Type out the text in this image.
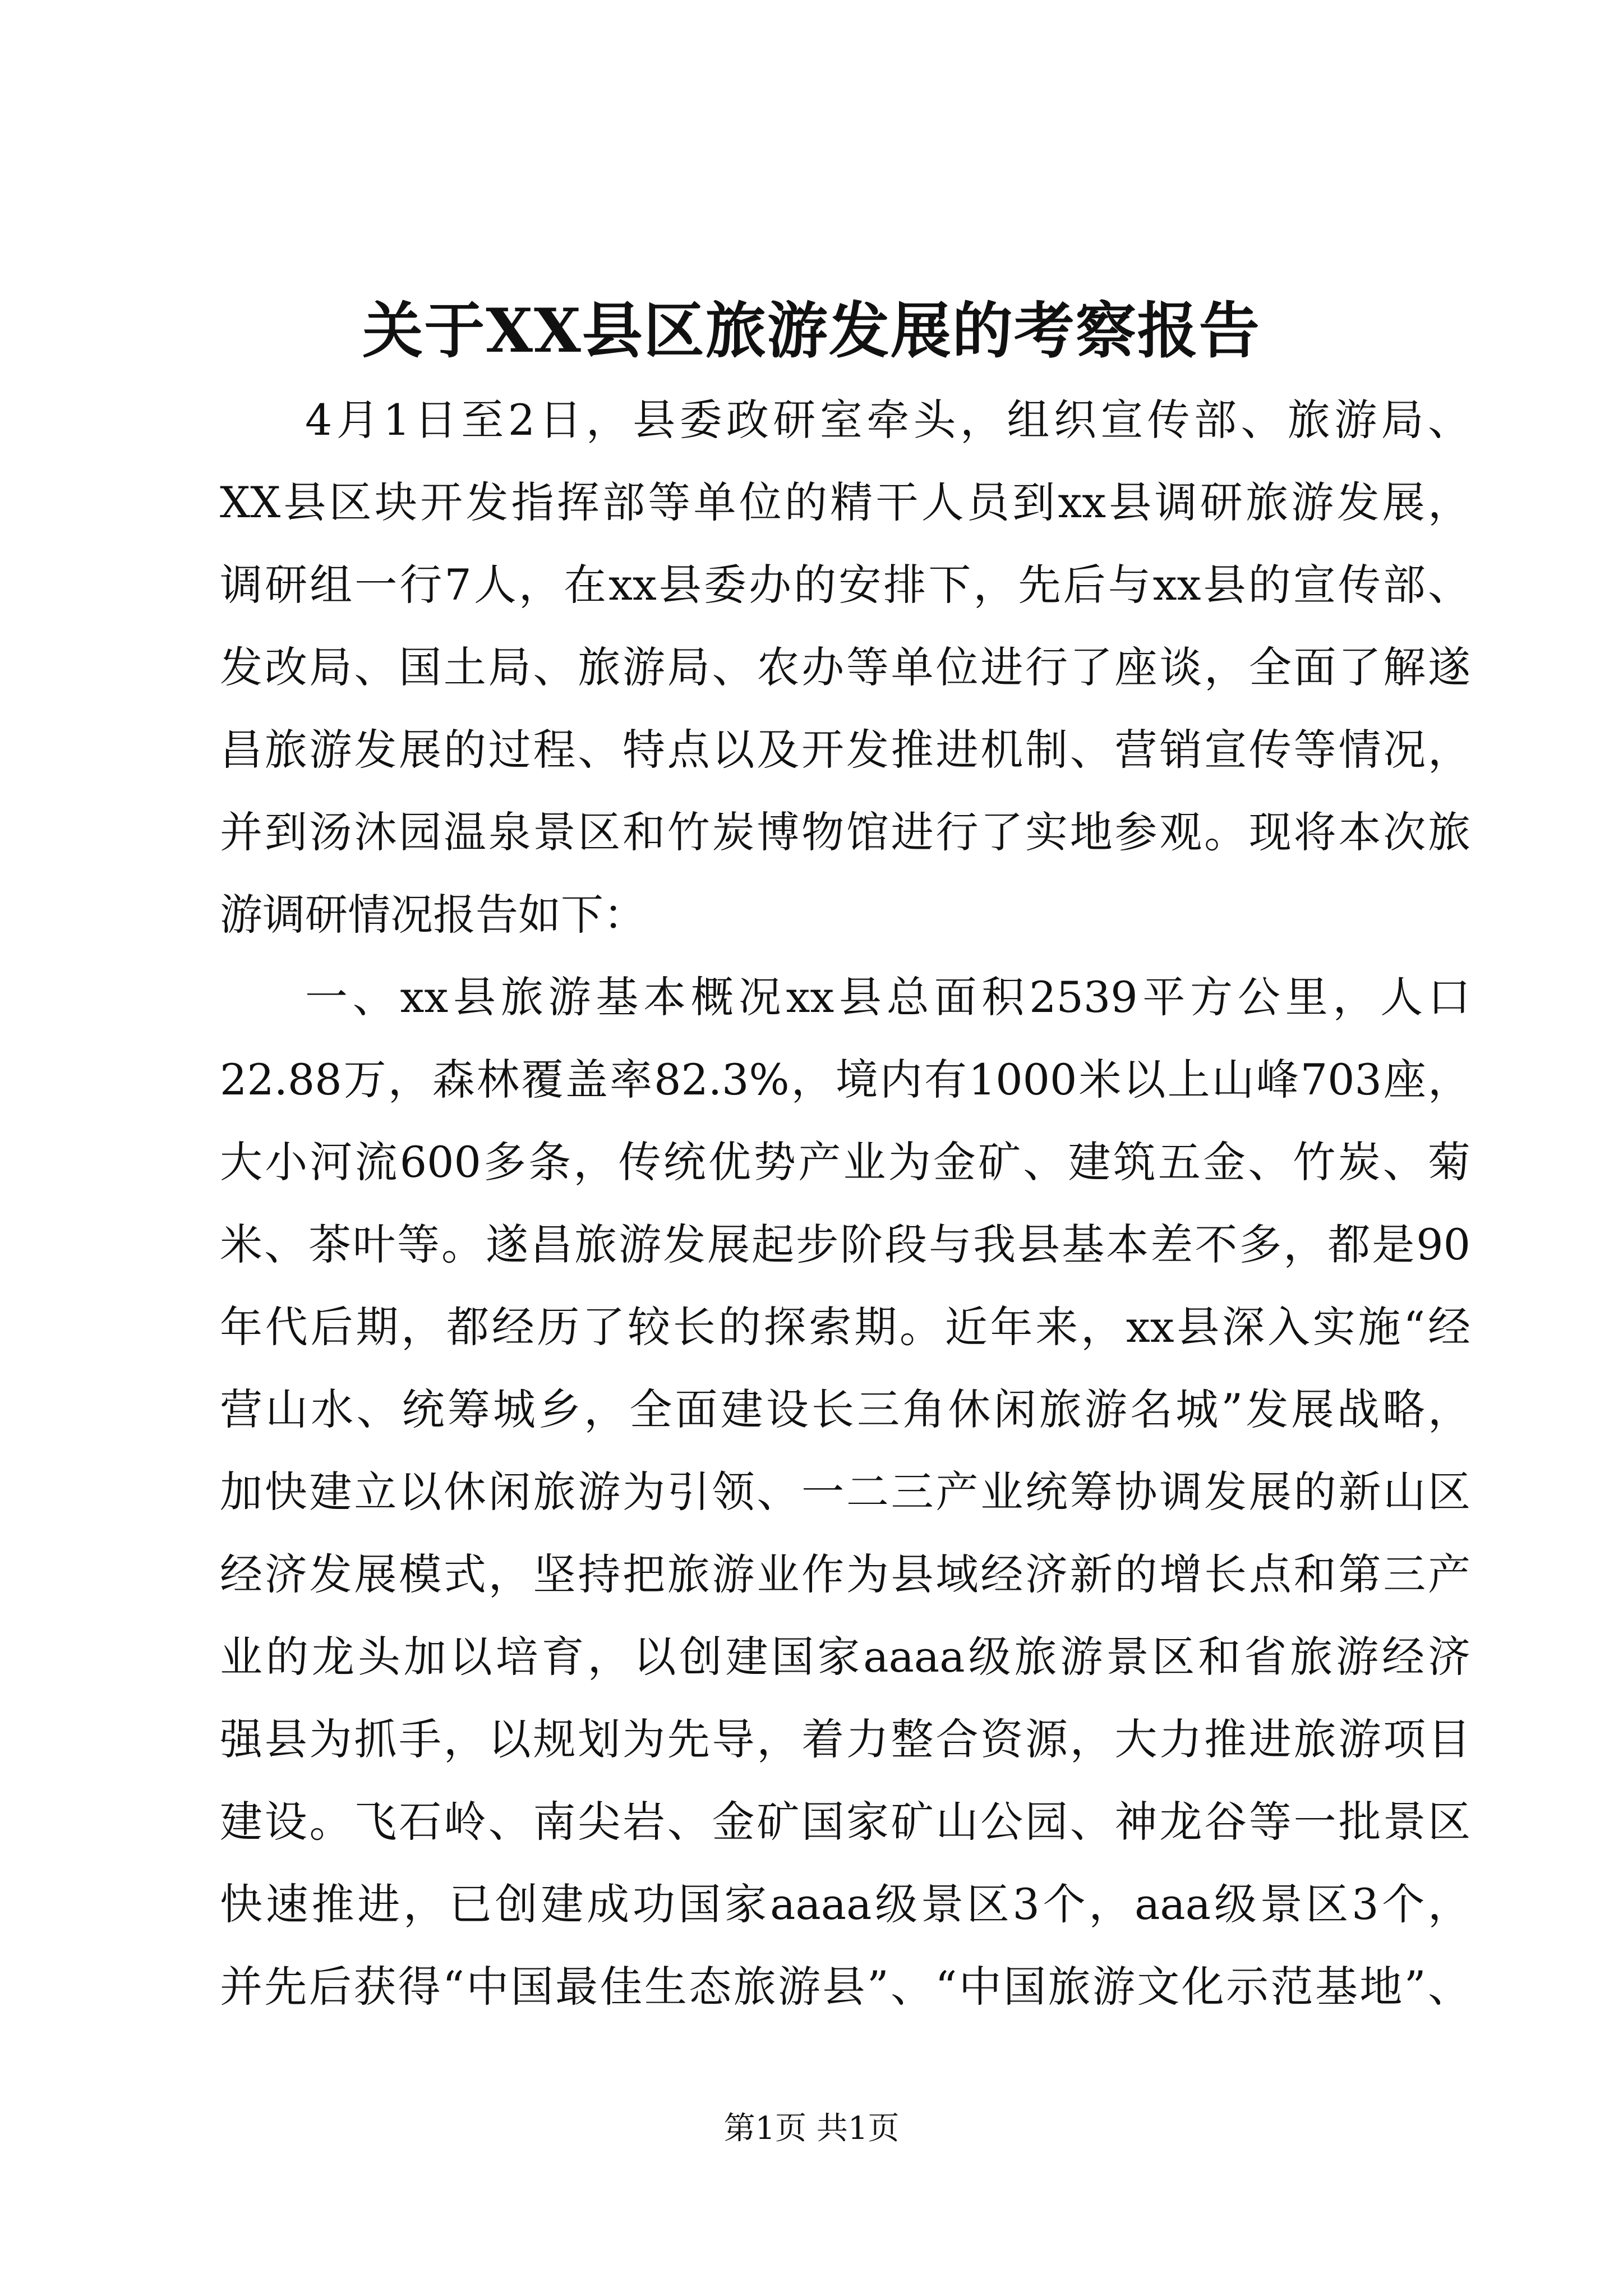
关于XX县区旅游发展的考察报告
4月1日至2日，县委政研室牵头，组织宣传部、旅游局、
XX县区块开发指挥部等单位的精干人员到xx县调研旅游发展，
调研组一行7人，在xx县委办的安排下，先后与xx县的宣传部、
发改局、国土局、旅游局、农办等单位进行了座谈，全面了解遂
昌旅游发展的过程、特点以及开发推进机制、营销宣传等情况，
并到汤沐园温泉景区和竹炭博物馆进行了实地参观。现将本次旅
游调研情况报告如下：
一、xx县旅游基本概况xx县总面积2539平方公里，人口
22.88万，森林覆盖率82.3%，境内有1000米以上山峰703座，
大小河流600多条，传统优势产业为金矿、建筑五金、竹炭、菊
米、茶叶等。遂昌旅游发展起步阶段与我县基本差不多，都是90
年代后期，都经历了较长的探索期。近年来，xx县深入实施“经
营山水、统筹城乡，全面建设长三角休闲旅游名城”发展战略，
加快建立以休闲旅游为引领、一二三产业统筹协调发展的新山区
经济发展模式，坚持把旅游业作为县域经济新的增长点和第三产
业的龙头加以培育，以创建国家aaaa级旅游景区和省旅游经济
强县为抓手，以规划为先导，着力整合资源，大力推进旅游项目
建设。飞石岭、南尖岩、金矿国家矿山公园、神龙谷等一批景区
快速推进，已创建成功国家aaaa级景区3个，aaa级景区3个，
并先后获得“中国最佳生态旅游县”、“中国旅游文化示范基地”、
第1页 共1页
